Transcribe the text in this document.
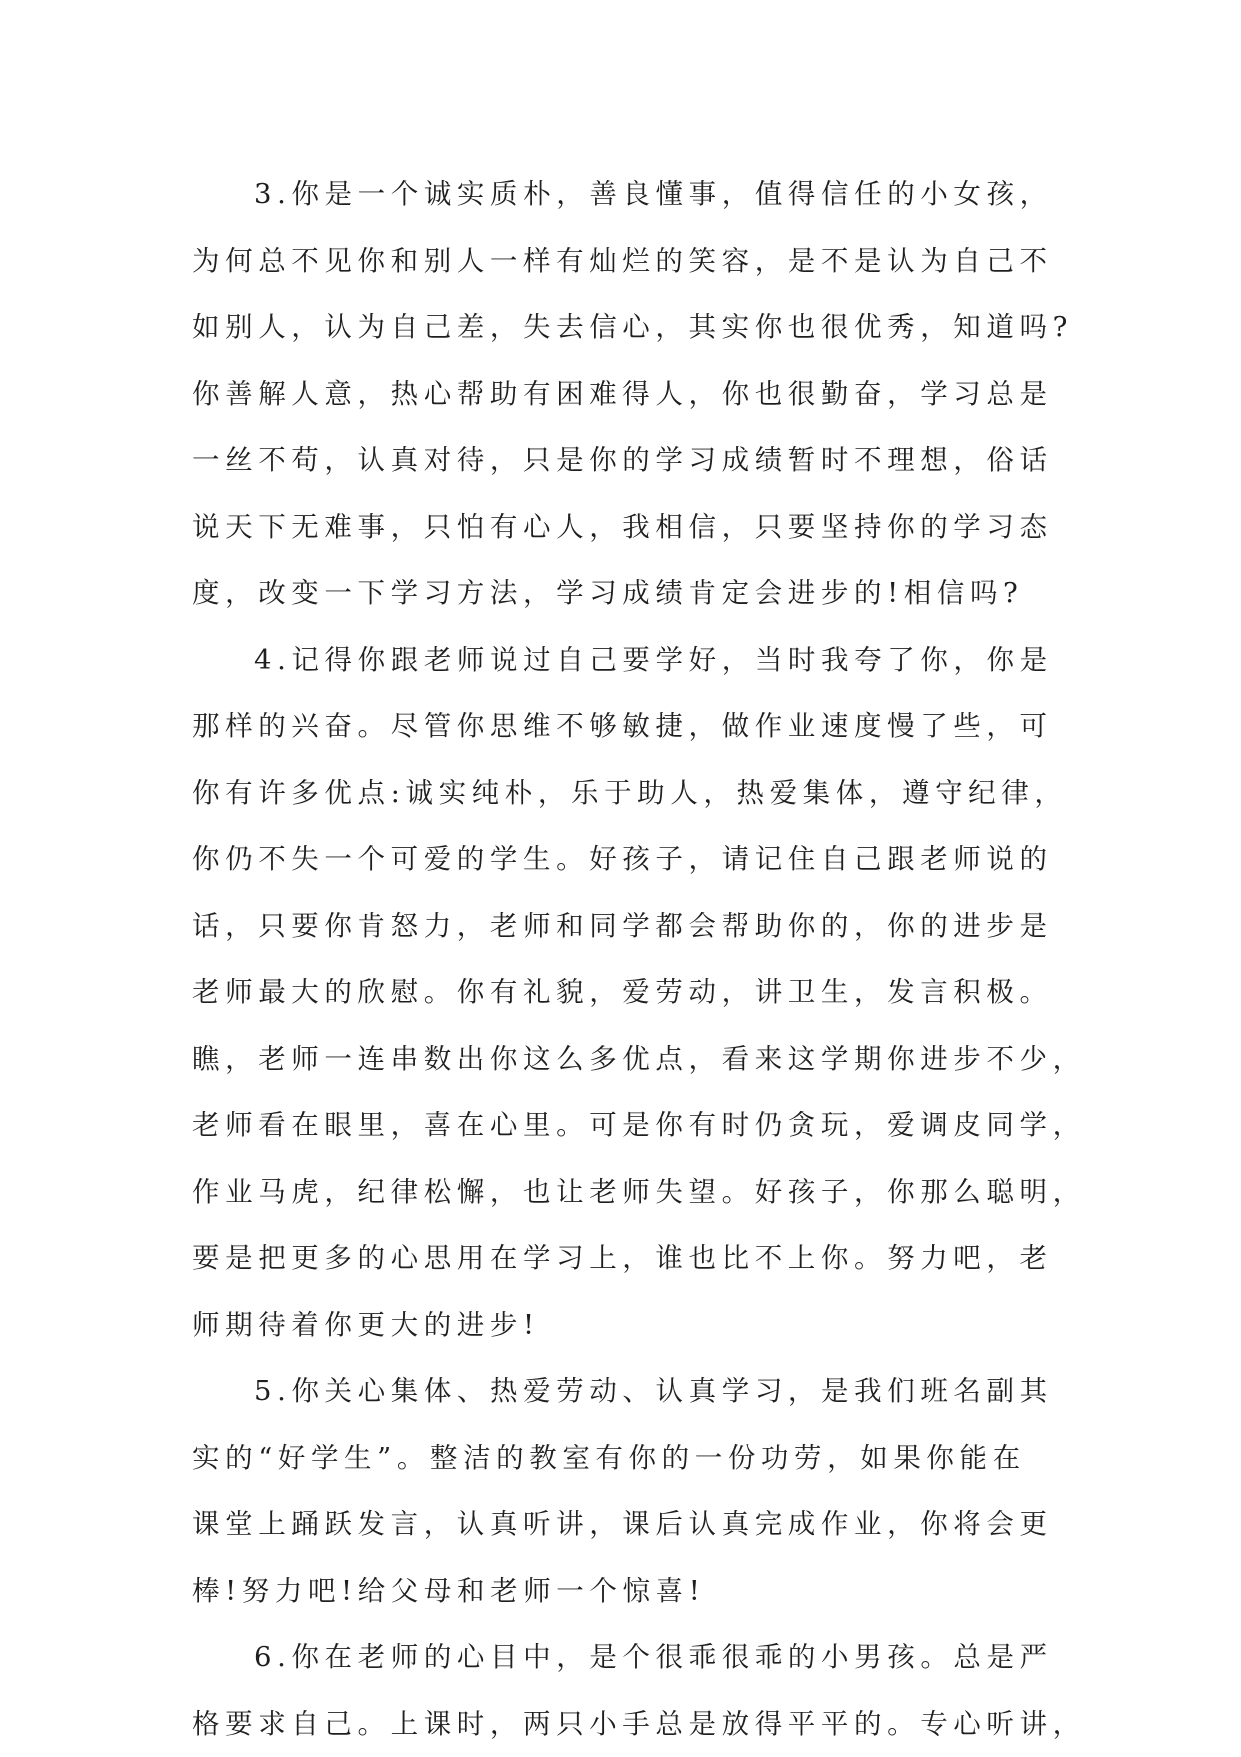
3.你是一个诚实质朴，善良懂事，值得信任的小女孩，
为何总不见你和别人一样有灿烂的笑容，是不是认为自己不
如别人，认为自己差，失去信心，其实你也很优秀，知道吗?
你善解人意，热心帮助有困难得人，你也很勤奋，学习总是
一丝不苟，认真对待，只是你的学习成绩暂时不理想，俗话
说天下无难事，只怕有心人，我相信，只要坚持你的学习态
度，改变一下学习方法，学习成绩肯定会进步的!相信吗?
4.记得你跟老师说过自己要学好，当时我夸了你，你是
那样的兴奋。尽管你思维不够敏捷，做作业速度慢了些，可
你有许多优点:诚实纯朴，乐于助人，热爱集体，遵守纪律，
你仍不失一个可爱的学生。好孩子，请记住自己跟老师说的
话，只要你肯怒力，老师和同学都会帮助你的，你的进步是
老师最大的欣慰。你有礼貌，爱劳动，讲卫生，发言积极。
瞧，老师一连串数出你这么多优点，看来这学期你进步不少，
老师看在眼里，喜在心里。可是你有时仍贪玩，爱调皮同学，
作业马虎，纪律松懈，也让老师失望。好孩子，你那么聪明，
要是把更多的心思用在学习上，谁也比不上你。努力吧，老
师期待着你更大的进步!
5.你关心集体、热爱劳动、认真学习，是我们班名副其
实的“好学生”。整洁的教室有你的一份功劳，如果你能在
课堂上踊跃发言，认真听讲，课后认真完成作业，你将会更
棒!努力吧!给父母和老师一个惊喜!
6.你在老师的心目中，是个很乖很乖的小男孩。总是严
格要求自己。上课时，两只小手总是放得平平的。专心听讲，
